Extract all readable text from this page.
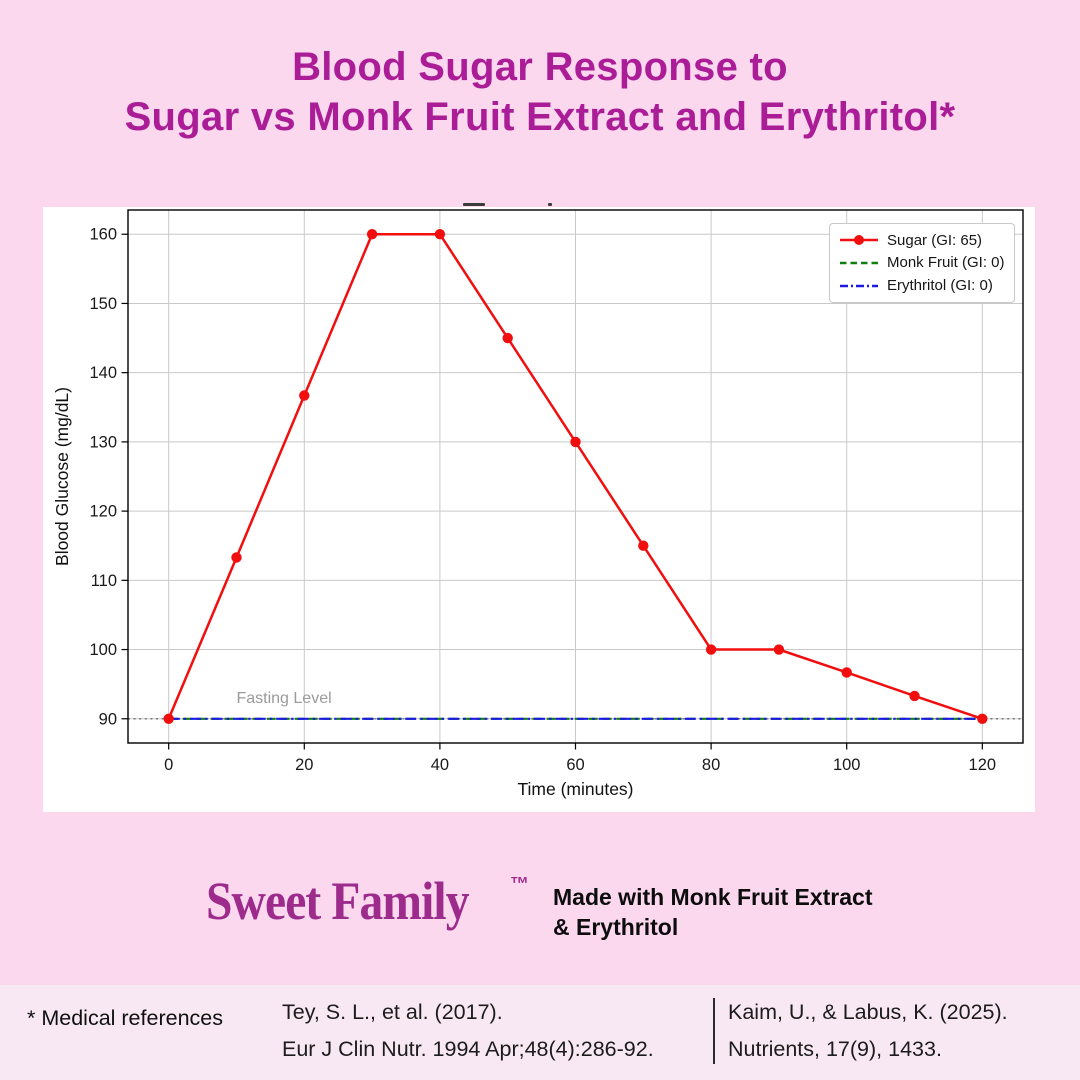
Blood Sugar Response to
Sugar vs Monk Fruit Extract and Erythritol*
0	20	40	60	80	100	120
90
100
110
120
130
140
150
160
Time (minutes)
Blood Glucose (mg/dL)
Fasting Level
Sugar (GI: 65)
Monk Fruit (GI: 0)
Erythritol (GI: 0)
Sweet Family ™ Made with Monk Fruit Extract
& Erythritol
* Medical references	Tey, S. L., et al. (2017).
Eur J Clin Nutr. 1994 Apr;48(4):286-92.
Kaim, U., & Labus, K. (2025).
Nutrients, 17(9), 1433.
